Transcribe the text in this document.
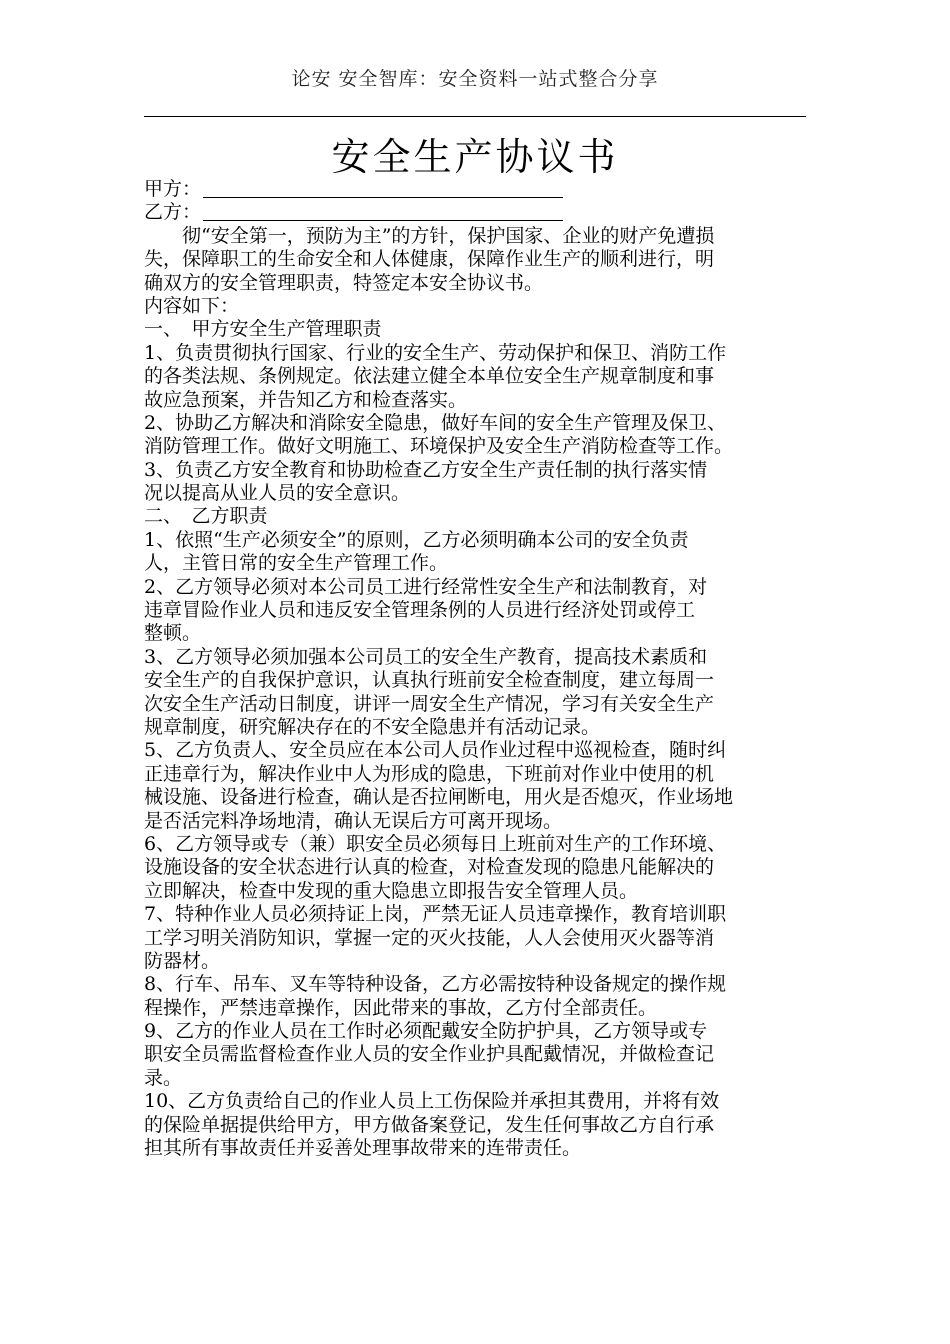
论安 安全智库：安全资料一站式整合分享
安全生产协议书
甲方：
乙方：
　　彻“安全第一，预防为主”的方针，保护国家、企业的财产免遭损
失，保障职工的生命安全和人体健康，保障作业生产的顺利进行，明
确双方的安全管理职责，特签定本安全协议书。
内容如下：
一、　甲方安全生产管理职责
1、负责贯彻执行国家、行业的安全生产、劳动保护和保卫、消防工作
的各类法规、条例规定。依法建立健全本单位安全生产规章制度和事
故应急预案，并告知乙方和检查落实。
2、协助乙方解决和消除安全隐患，做好车间的安全生产管理及保卫、
消防管理工作。做好文明施工、环境保护及安全生产消防检查等工作。
3、负责乙方安全教育和协助检查乙方安全生产责任制的执行落实情
况以提高从业人员的安全意识。
二、　乙方职责
1、依照“生产必须安全”的原则，乙方必须明确本公司的安全负责
人，主管日常的安全生产管理工作。
2、乙方领导必须对本公司员工进行经常性安全生产和法制教育，对
违章冒险作业人员和违反安全管理条例的人员进行经济处罚或停工
整顿。
3、乙方领导必须加强本公司员工的安全生产教育，提高技术素质和
安全生产的自我保护意识，认真执行班前安全检查制度，建立每周一
次安全生产活动日制度，讲评一周安全生产情况，学习有关安全生产
规章制度，研究解决存在的不安全隐患并有活动记录。
5、乙方负责人、安全员应在本公司人员作业过程中巡视检查，随时纠
正违章行为，解决作业中人为形成的隐患，下班前对作业中使用的机
械设施、设备进行检查，确认是否拉闸断电，用火是否熄灭，作业场地
是否活完料净场地清，确认无误后方可离开现场。
6、乙方领导或专（兼）职安全员必须每日上班前对生产的工作环境、
设施设备的安全状态进行认真的检查，对检查发现的隐患凡能解决的
立即解决，检查中发现的重大隐患立即报告安全管理人员。
7、特种作业人员必须持证上岗，严禁无证人员违章操作，教育培训职
工学习明关消防知识，掌握一定的灭火技能，人人会使用灭火器等消
防器材。
8、行车、吊车、叉车等特种设备，乙方必需按特种设备规定的操作规
程操作，严禁违章操作，因此带来的事故，乙方付全部责任。
9、乙方的作业人员在工作时必须配戴安全防护护具，乙方领导或专
职安全员需监督检查作业人员的安全作业护具配戴情况，并做检查记
录。
10、乙方负责给自己的作业人员上工伤保险并承担其费用，并将有效
的保险单据提供给甲方，甲方做备案登记，发生任何事故乙方自行承
担其所有事故责任并妥善处理事故带来的连带责任。
